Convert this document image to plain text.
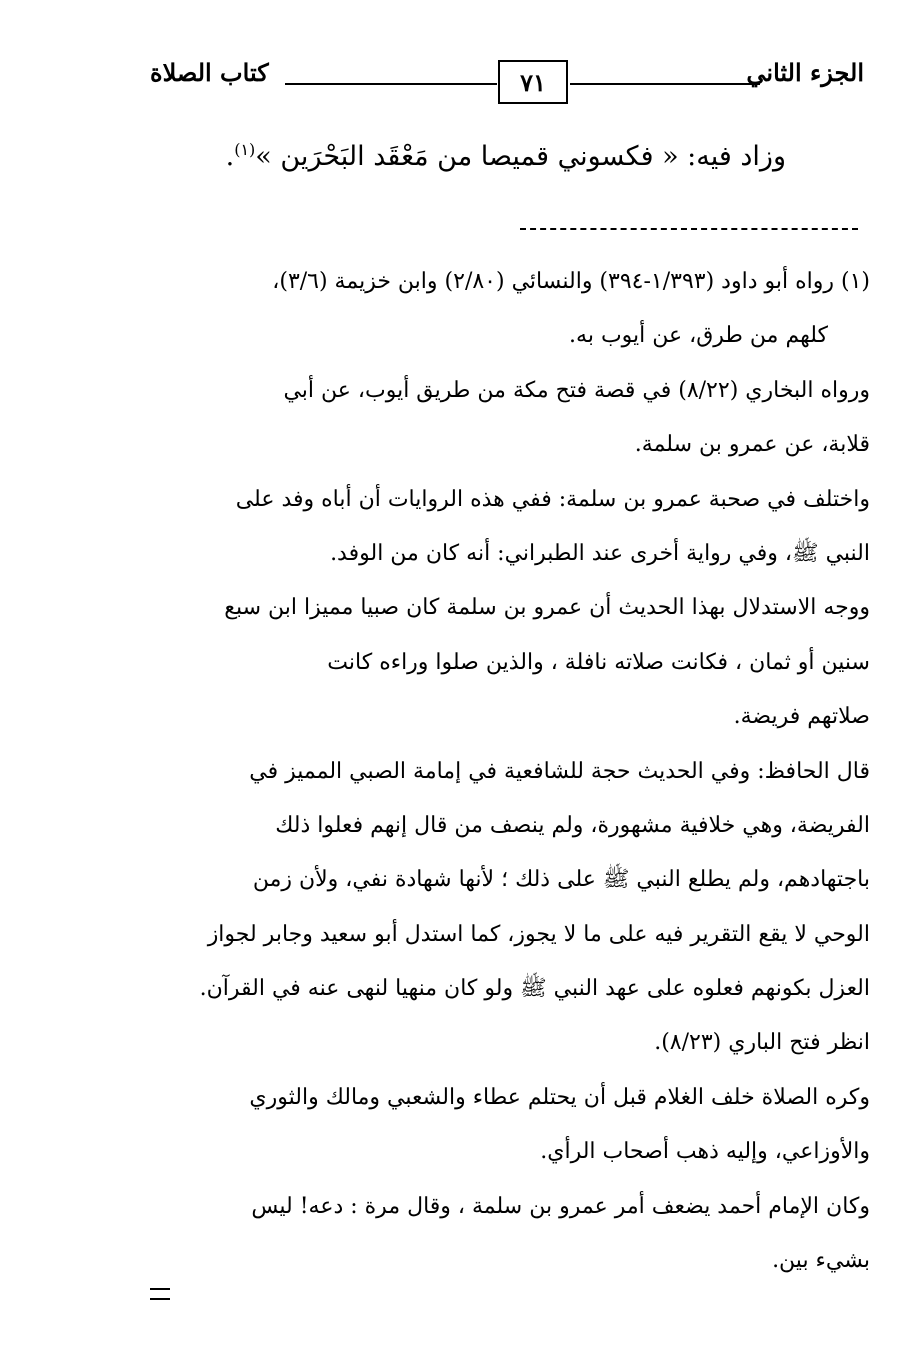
كتاب الصلاة	٧١	الجزء الثاني
وزاد فيه: « فكسوني قميصا من مَعْقَد البَحْرَين »$^{(١)}$.
(١) رواه أبو داود (١/٣٩٣-٣٩٤) والنسائي (٢/٨٠) وابن خزيمة (٣/٦)،
كلهم من طرق، عن أيوب به.
ورواه البخاري (٨/٢٢) في قصة فتح مكة من طريق أيوب، عن أبي
قلابة، عن عمرو بن سلمة.
واختلف في صحبة عمرو بن سلمة: ففي هذه الروايات أن أباه وفد على
النبي ﷺ، وفي رواية أخرى عند الطبراني: أنه كان من الوفد.
ووجه الاستدلال بهذا الحديث أن عمرو بن سلمة كان صبيا مميزا ابن سبع
سنين أو ثمان ، فكانت صلاته نافلة ، والذين صلوا وراءه كانت
صلاتهم فريضة.
قال الحافظ: وفي الحديث حجة للشافعية في إمامة الصبي المميز في
الفريضة، وهي خلافية مشهورة، ولم ينصف من قال إنهم فعلوا ذلك
باجتهادهم، ولم يطلع النبي ﷺ على ذلك ؛ لأنها شهادة نفي، ولأن زمن
الوحي لا يقع التقرير فيه على ما لا يجوز، كما استدل أبو سعيد وجابر لجواز
العزل بكونهم فعلوه على عهد النبي ﷺ ولو كان منهيا لنهى عنه في القرآن.
انظر فتح الباري (٨/٢٣).
وكره الصلاة خلف الغلام قبل أن يحتلم عطاء والشعبي ومالك والثوري
والأوزاعي، وإليه ذهب أصحاب الرأي.
وكان الإمام أحمد يضعف أمر عمرو بن سلمة ، وقال مرة : دعه! ليس
بشيء بين.
